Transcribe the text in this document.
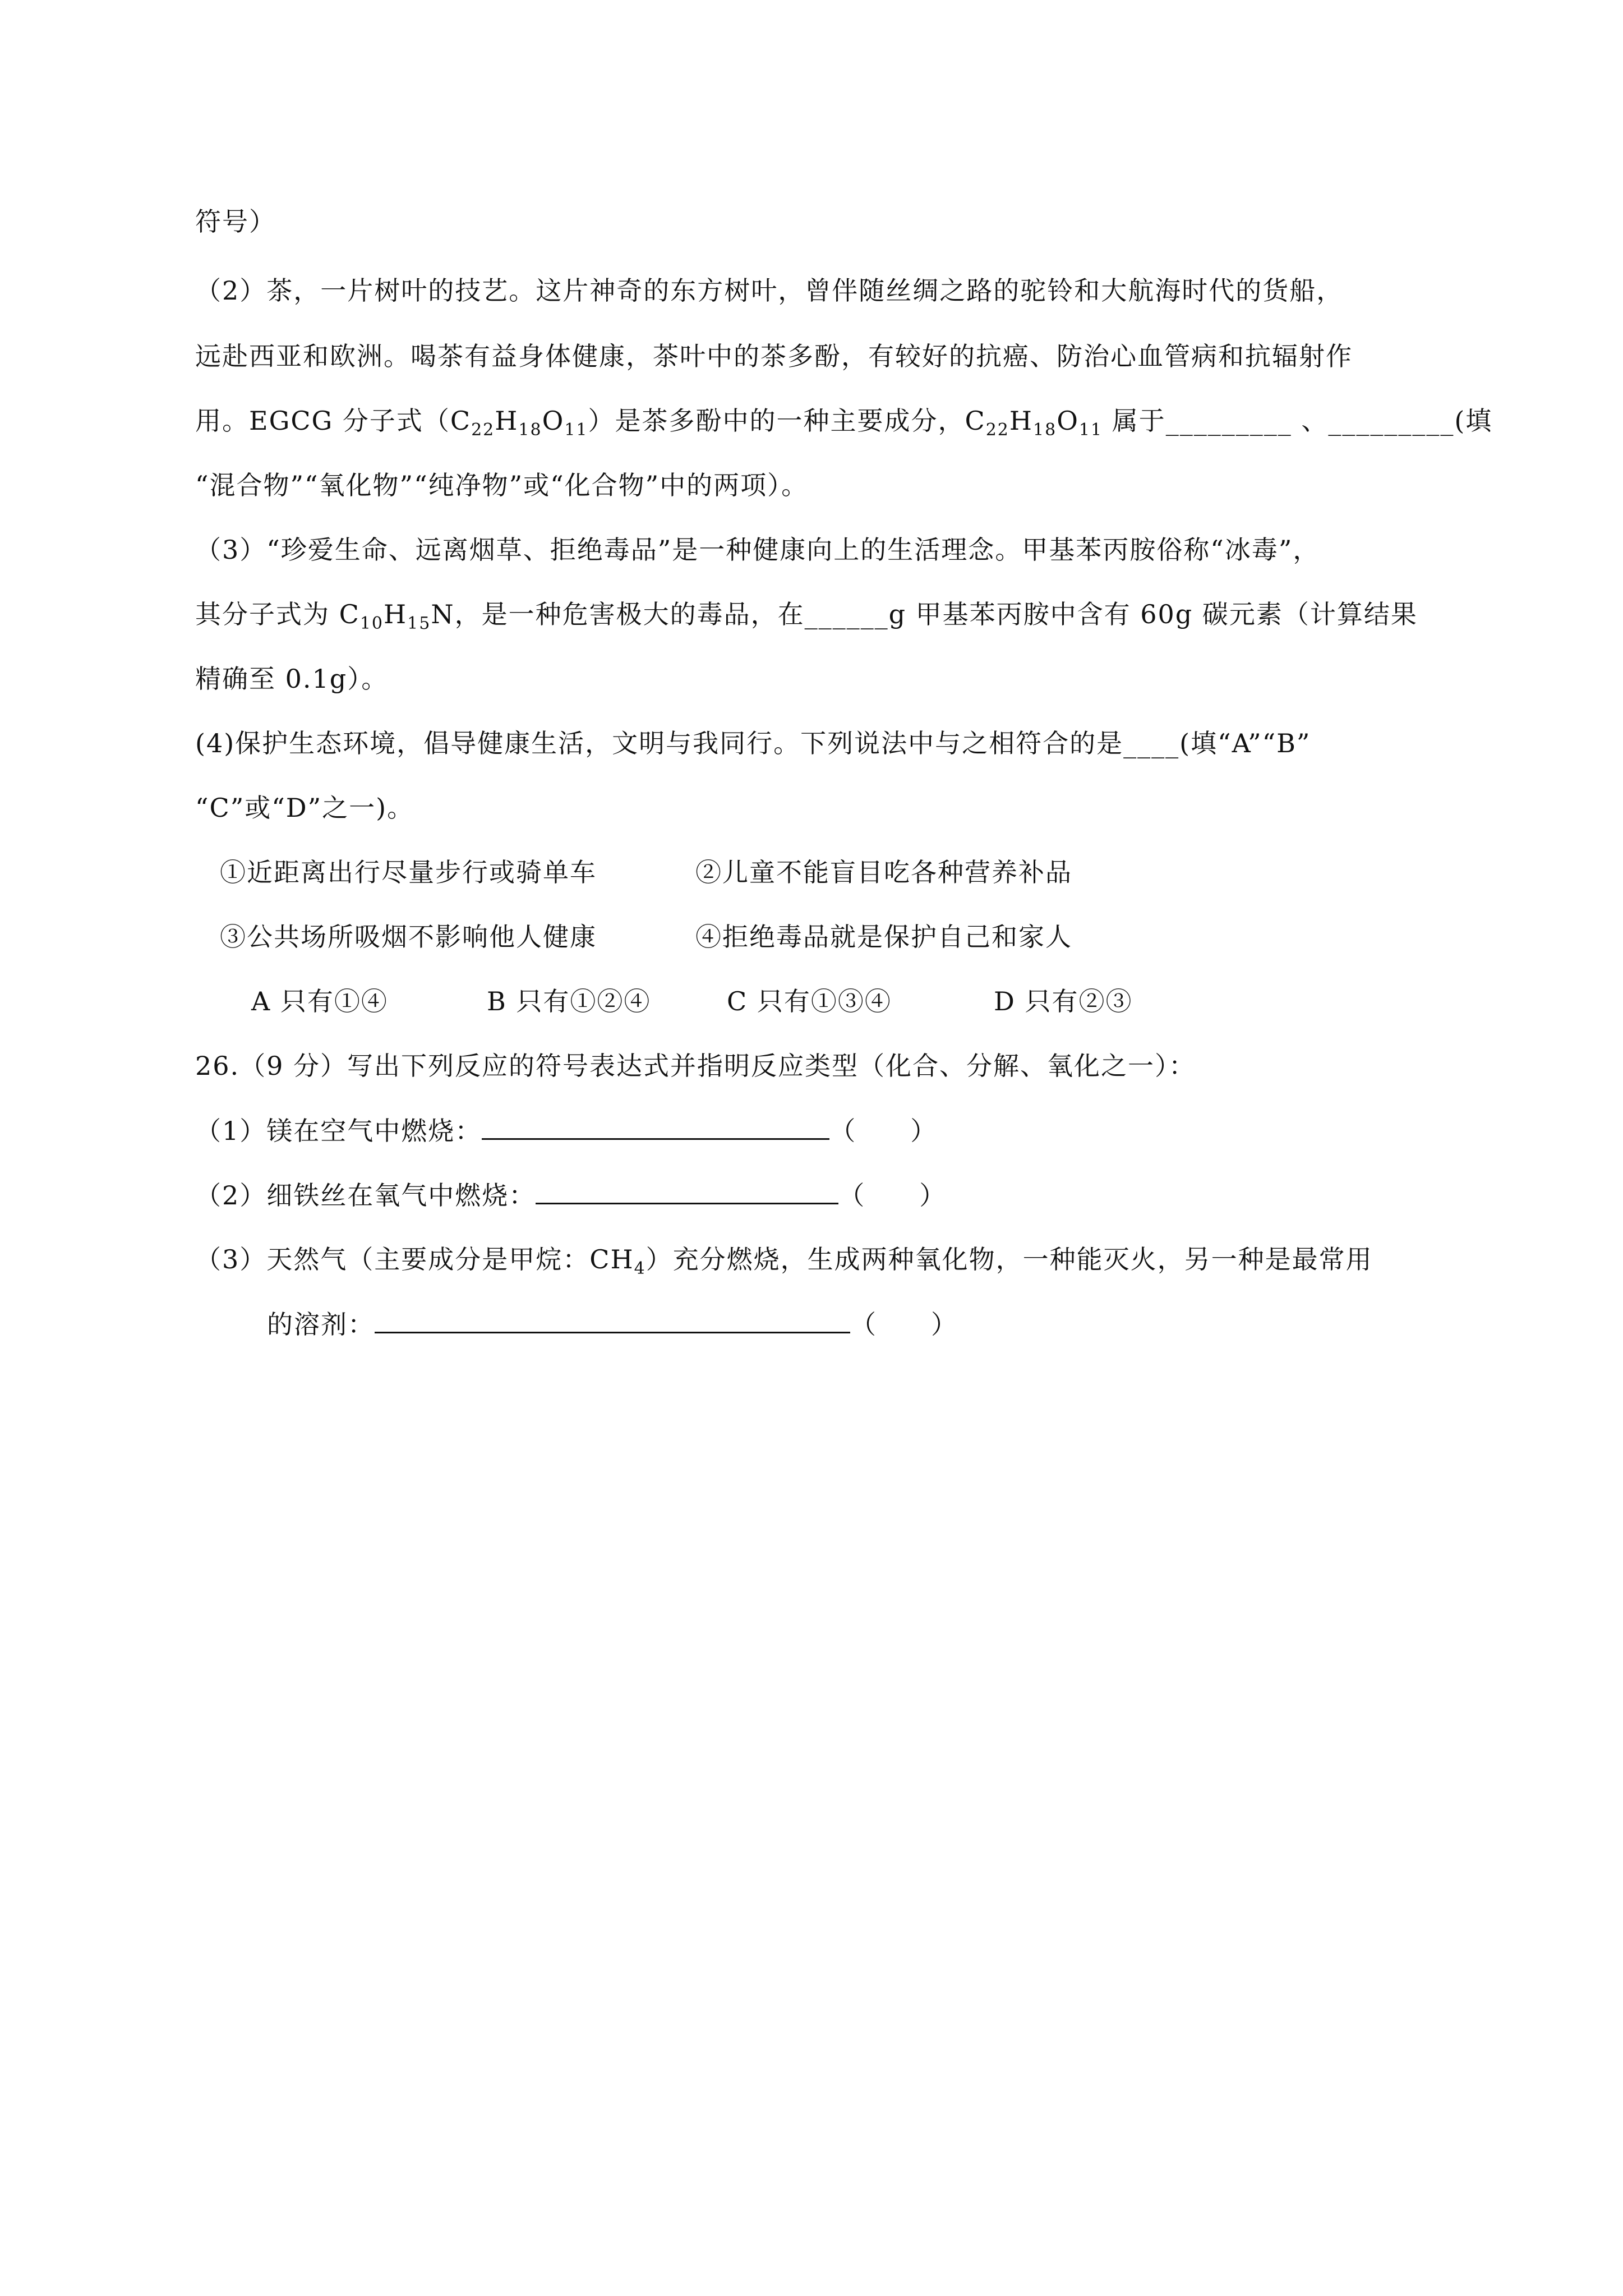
符号）
（2）茶，一片树叶的技艺。这片神奇的东方树叶，曾伴随丝绸之路的驼铃和大航海时代的货船，
远赴西亚和欧洲。喝茶有益身体健康，茶叶中的茶多酚，有较好的抗癌、防治心血管病和抗辐射作
用。EGCG 分子式$(C_{22}H_{18}O_{11})$是茶多酚中的一种主要成分，$C_{22}H_{18}O_{11}$ 属于_________ 、_________(填
“混合物”“氧化物”“纯净物”或“化合物”中的两项）。
（3）“珍爱生命、远离烟草、拒绝毒品”是一种健康向上的生活理念。甲基苯丙胺俗称“冰毒”，
其分子式为 $C_{10}H_{15}N$，是一种危害极大的毒品，在______g 甲基苯丙胺中含有 60g 碳元素（计算结果
精确至 0.1g）。
(4)保护生态环境，倡导健康生活，文明与我同行。下列说法中与之相符合的是____(填“A”“B”
“C”或“D”之一)。
①近距离出行尽量步行或骑单车	②儿童不能盲目吃各种营养补品
③公共场所吸烟不影响他人健康	④拒绝毒品就是保护自己和家人
A 只有①④	B 只有①②④	C 只有①③④	D 只有②③
26.（9 分）写出下列反应的符号表达式并指明反应类型（化合、分解、氧化之一）：
（1）镁在空气中燃烧：	（　　）
（2）细铁丝在氧气中燃烧：	（　　）
（3）天然气（主要成分是甲烷：$CH_4$）充分燃烧，生成两种氧化物，一种能灭火，另一种是最常用
的溶剂：	（　　）
